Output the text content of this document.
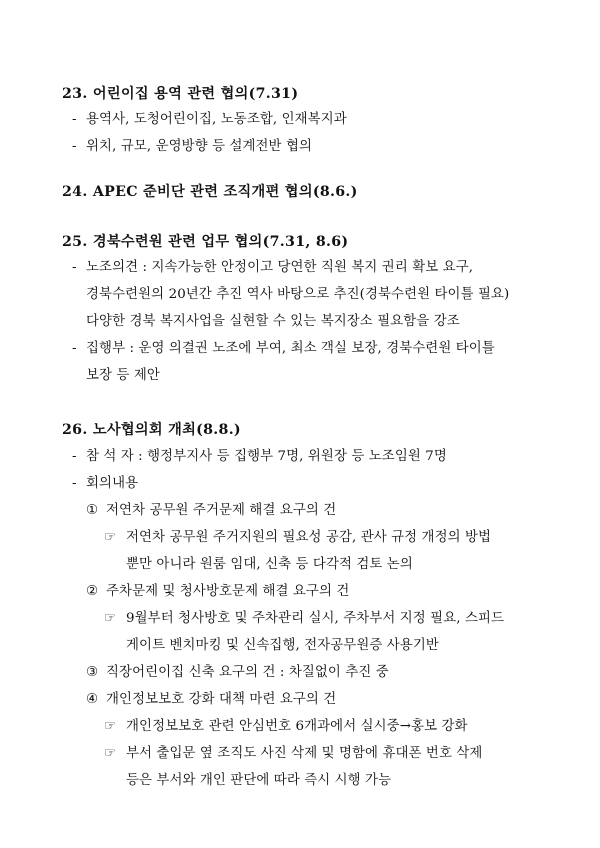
23. 어린이집 용역 관련 협의(7.31)
- 용역사, 도청어린이집, 노동조합, 인재복지과
- 위치, 규모, 운영방향 등 설계전반 협의
24. APEC 준비단 관련 조직개편 협의(8.6.)
25. 경북수련원 관련 업무 협의(7.31, 8.6)
- 노조의견 : 지속가능한 안정이고 당연한 직원 복지 권리 확보 요구,
경북수련원의 20년간 추진 역사 바탕으로 추진(경북수련원 타이틀 필요)
다양한 경북 복지사업을 실현할 수 있는 복지장소 필요함을 강조
- 집행부 : 운영 의결권 노조에 부여, 최소 객실 보장, 경북수련원 타이틀
보장 등 제안
26. 노사협의회 개최(8.8.)
- 참 석 자 : 행정부지사 등 집행부 7명, 위원장 등 노조임원 7명
- 회의내용
① 저연차 공무원 주거문제 해결 요구의 건
☞ 저연차 공무원 주거지원의 필요성 공감, 관사 규정 개정의 방법
뿐만 아니라 원룸 임대, 신축 등 다각적 검토 논의
② 주차문제 및 청사방호문제 해결 요구의 건
☞ 9월부터 청사방호 및 주차관리 실시, 주차부서 지정 필요, 스피드
게이트 벤치마킹 및 신속집행, 전자공무원증 사용기반
③ 직장어린이집 신축 요구의 건 : 차질없이 추진 중
④ 개인정보보호 강화 대책 마련 요구의 건
☞ 개인정보보호 관련 안심번호 6개과에서 실시중→홍보 강화
☞ 부서 출입문 옆 조직도 사진 삭제 및 명함에 휴대폰 번호 삭제
등은 부서와 개인 판단에 따라 즉시 시행 가능
